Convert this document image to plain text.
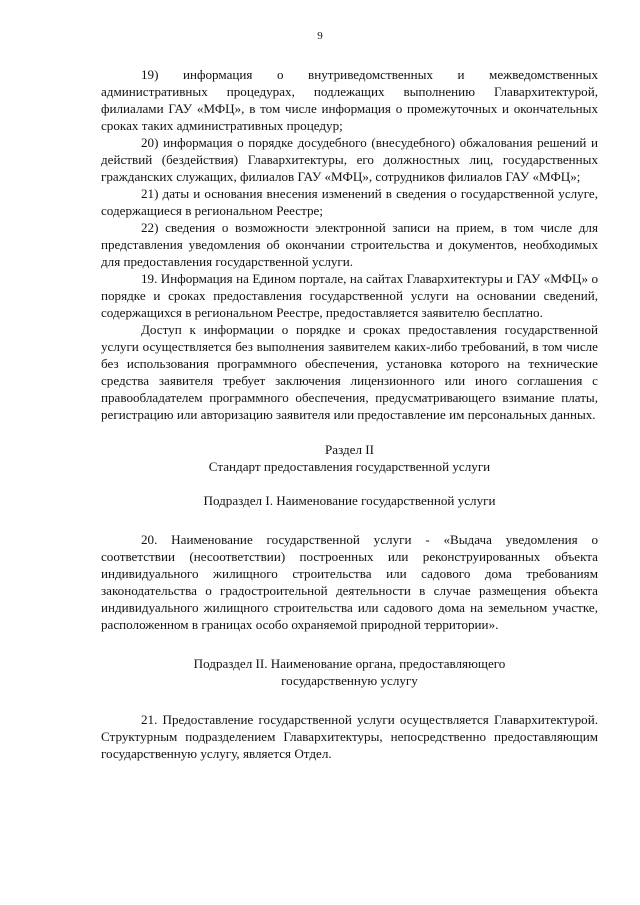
9

19) информация о внутриведомственных и межведомственных административных процедурах, подлежащих выполнению Главархитектурой, филиалами ГАУ «МФЦ», в том числе информация о промежуточных и окончательных сроках таких административных процедур;

20) информация о порядке досудебного (внесудебного) обжалования решений и действий (бездействия) Главархитектуры, его должностных лиц, государственных гражданских служащих, филиалов ГАУ «МФЦ», сотрудников филиалов ГАУ «МФЦ»;

21) даты и основания внесения изменений в сведения о государственной услуге, содержащиеся в региональном Реестре;

22) сведения о возможности электронной записи на прием, в том числе для представления уведомления об окончании строительства и документов, необходимых для предоставления государственной услуги.

19. Информация на Едином портале, на сайтах Главархитектуры и ГАУ «МФЦ» о порядке и сроках предоставления государственной услуги на основании сведений, содержащихся в региональном Реестре, предоставляется заявителю бесплатно.

Доступ к информации о порядке и сроках предоставления государственной услуги осуществляется без выполнения заявителем каких-либо требований, в том числе без использования программного обеспечения, установка которого на технические средства заявителя требует заключения лицензионного или иного соглашения с правообладателем программного обеспечения, предусматривающего взимание платы, регистрацию или авторизацию заявителя или предоставление им персональных данных.

Раздел II

Стандарт предоставления государственной услуги

Подраздел I. Наименование государственной услуги

20. Наименование государственной услуги - «Выдача уведомления о соответствии (несоответствии) построенных или реконструированных объекта индивидуального жилищного строительства или садового дома требованиям законодательства о градостроительной деятельности в случае размещения объекта индивидуального жилищного строительства или садового дома на земельном участке, расположенном в границах особо охраняемой природной территории».

Подраздел II. Наименование органа, предоставляющего

государственную услугу

21. Предоставление государственной услуги осуществляется Главархитектурой. Структурным подразделением Главархитектуры, непосредственно предоставляющим государственную услугу, является Отдел.
